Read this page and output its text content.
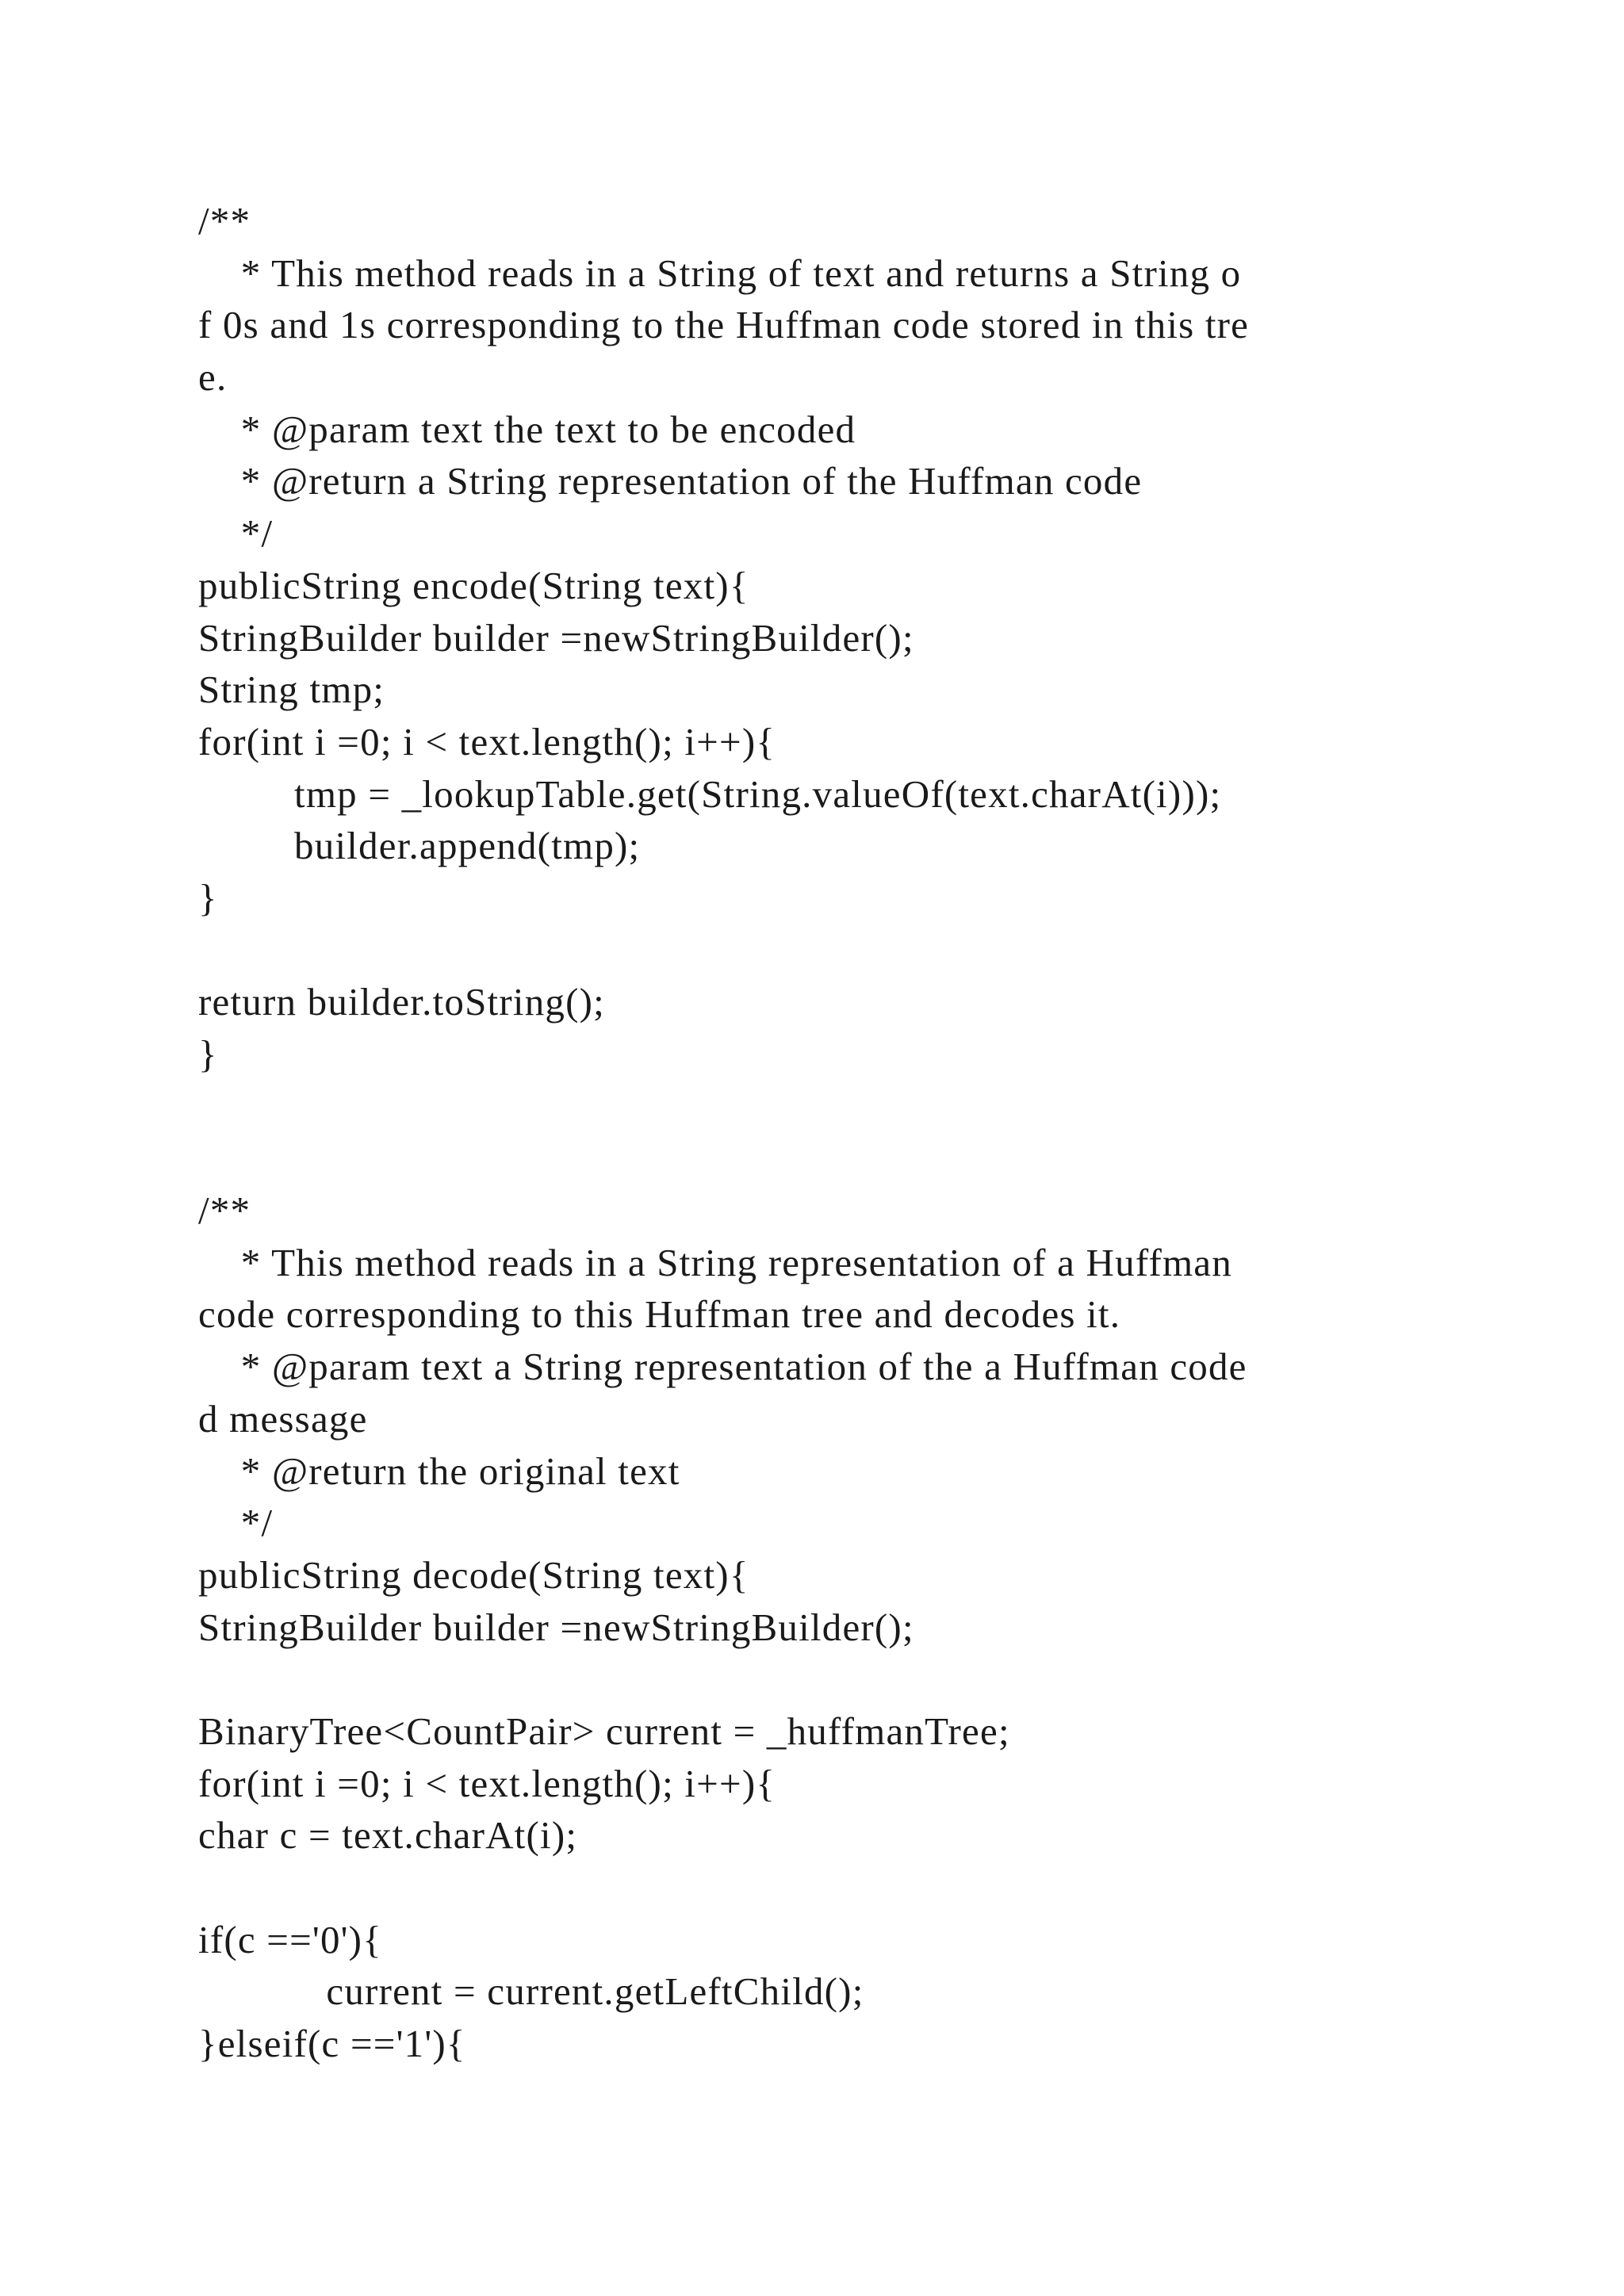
/**
* This method reads in a String of text and returns a String o
f 0s and 1s corresponding to the Huffman code stored in this tre
e.
* @param text the text to be encoded
* @return a String representation of the Huffman code
*/
publicString encode(String text){
StringBuilder builder =newStringBuilder();
String tmp;
for(int i =0; i < text.length(); i++){
tmp = _lookupTable.get(String.valueOf(text.charAt(i)));
builder.append(tmp);
}
return builder.toString();
}
/**
* This method reads in a String representation of a Huffman
code corresponding to this Huffman tree and decodes it.
* @param text a String representation of the a Huffman code
d message
* @return the original text
*/
publicString decode(String text){
StringBuilder builder =newStringBuilder();
BinaryTree<CountPair> current = _huffmanTree;
for(int i =0; i < text.length(); i++){
char c = text.charAt(i);
if(c =='0'){
current = current.getLeftChild();
}elseif(c =='1'){
